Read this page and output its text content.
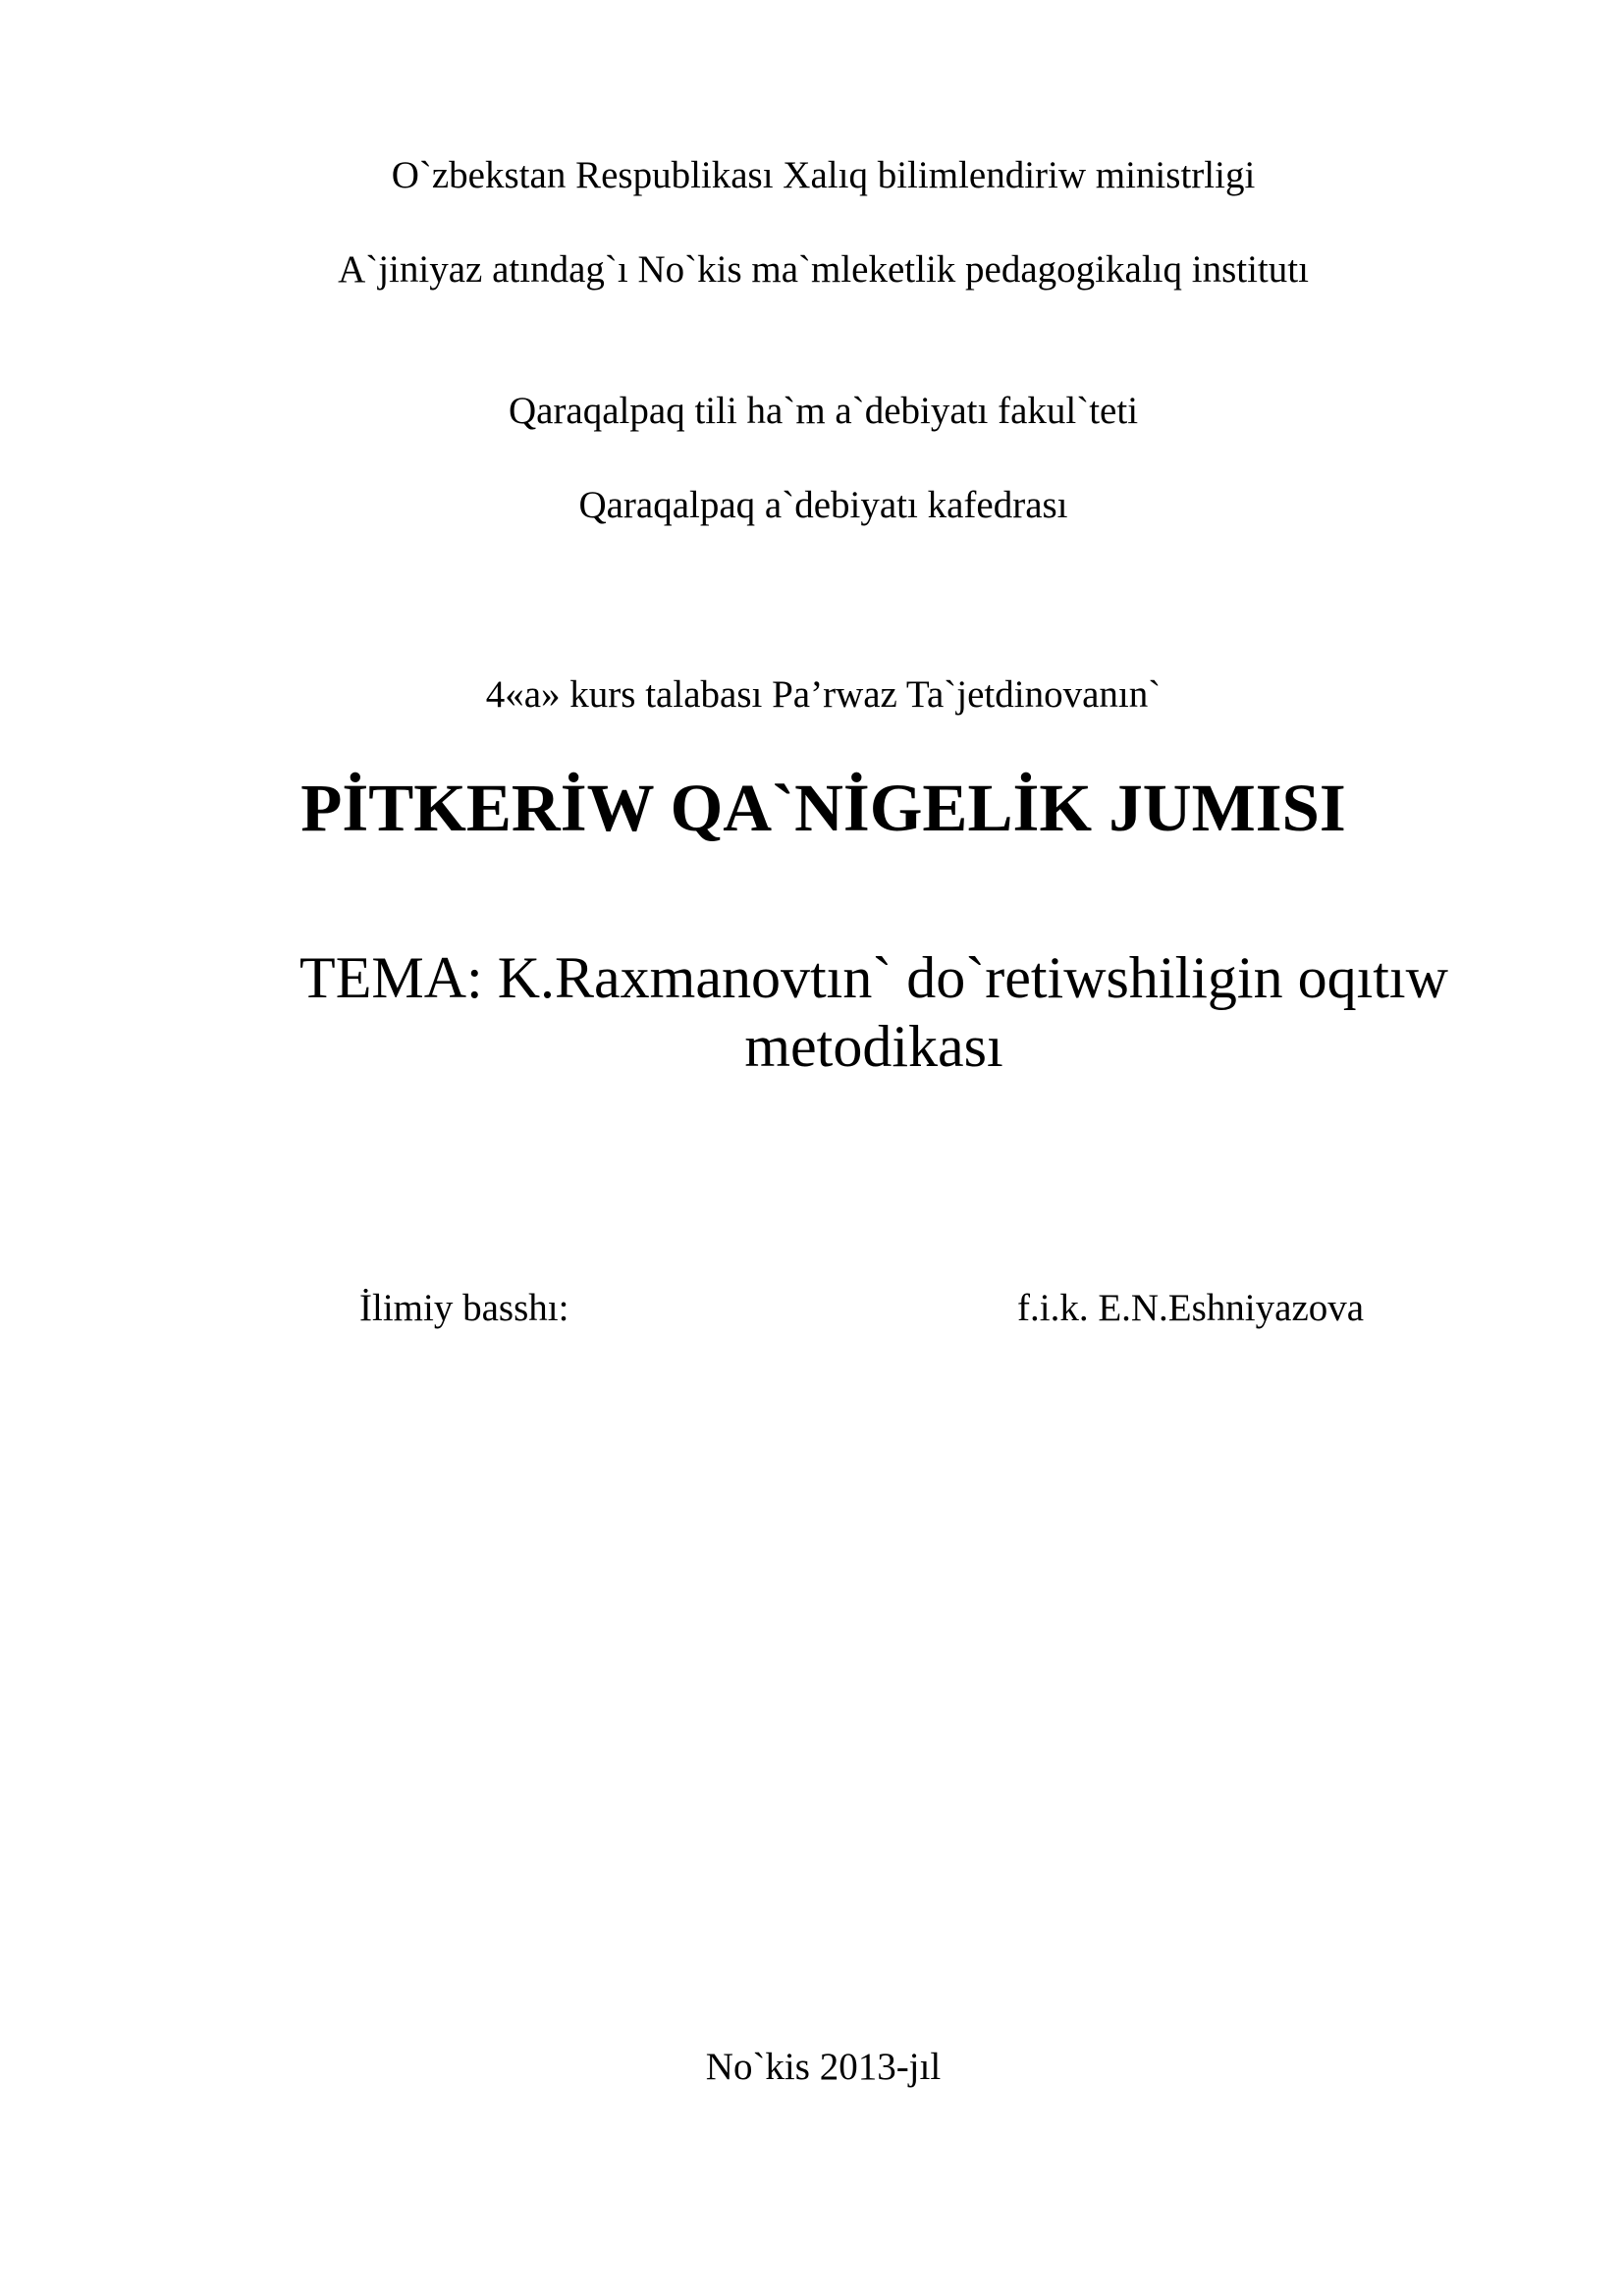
O`zbekstan Respublikası Xalıq bilimlendiriw ministrligi
A`jiniyaz atındag`ı No`kis ma`mleketlik pedagogikalıq institutı
Qaraqalpaq tili ha`m a`debiyatı fakul`teti
Qaraqalpaq a`debiyatı kafedrası
4«a» kurs talabası Pa’rwaz Ta`jetdinovanın`
PİTKERİW QA`NİGELİK JUMISI
TEMA: K.Raxmanovtın` do`retiwshiligin oqıtıw metodikası
İlimiy basshı:	f.i.k. E.N.Eshniyazova
No`kis 2013-jıl
